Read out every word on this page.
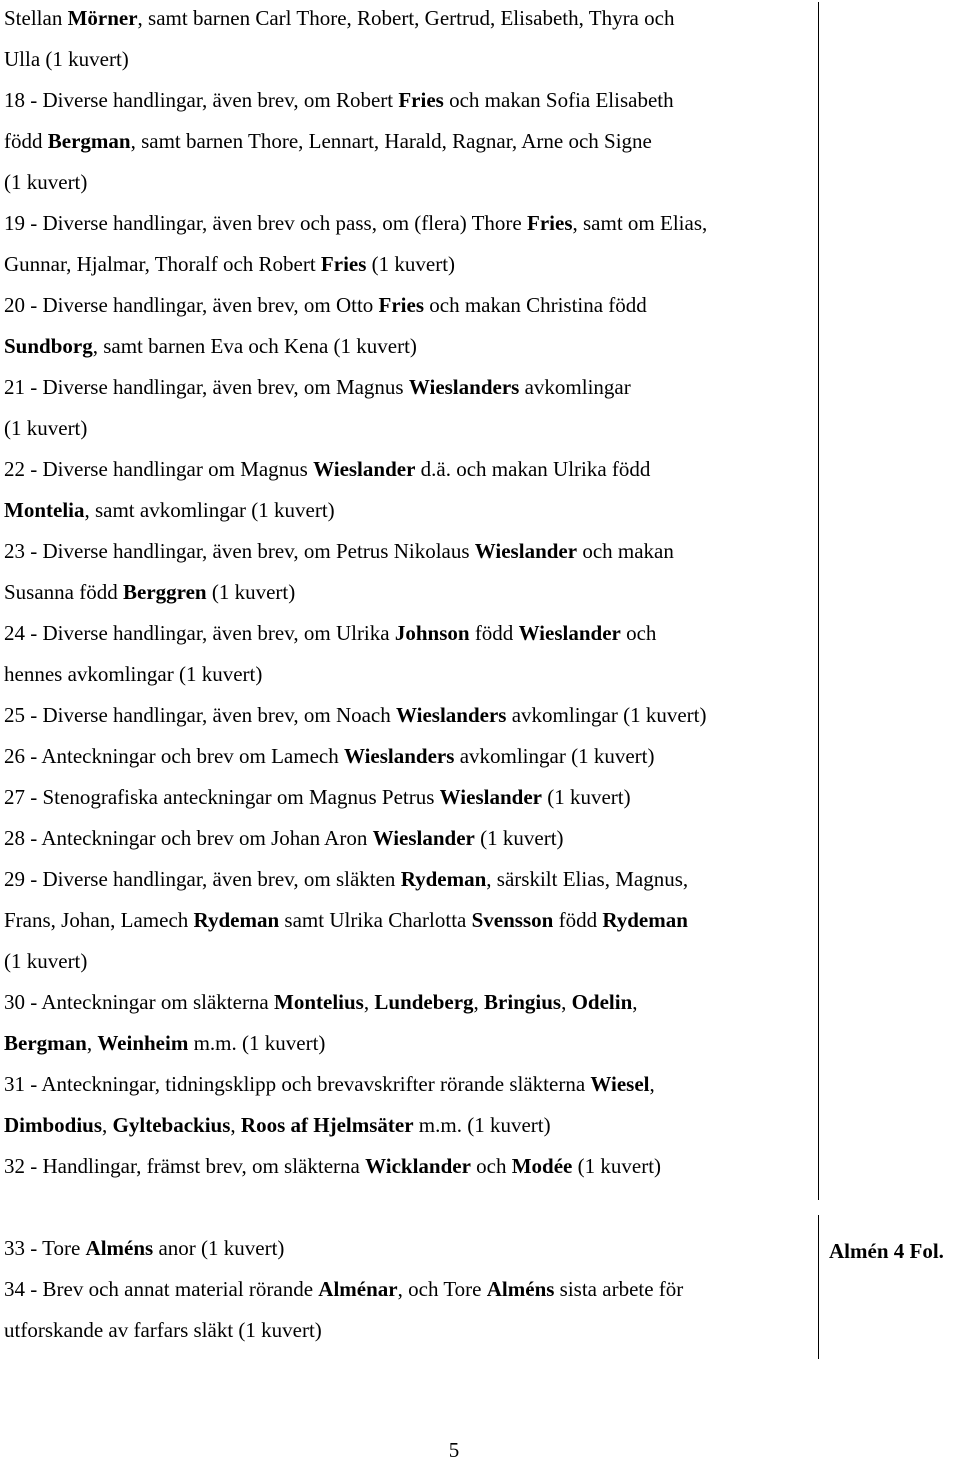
Stellan Mörner, samt barnen Carl Thore, Robert, Gertrud, Elisabeth, Thyra och
Ulla (1 kuvert)
18 - Diverse handlingar, även brev, om Robert Fries och makan Sofia Elisabeth
född Bergman, samt barnen Thore, Lennart, Harald, Ragnar, Arne och Signe
(1 kuvert)
19 - Diverse handlingar, även brev och pass, om (flera) Thore Fries, samt om Elias,
Gunnar, Hjalmar, Thoralf och Robert Fries (1 kuvert)
20 - Diverse handlingar, även brev, om Otto Fries och makan Christina född
Sundborg, samt barnen Eva och Kena (1 kuvert)
21 - Diverse handlingar, även brev, om Magnus Wieslanders avkomlingar
(1 kuvert)
22 - Diverse handlingar om Magnus Wieslander d.ä. och makan Ulrika född
Montelia, samt avkomlingar (1 kuvert)
23 - Diverse handlingar, även brev, om Petrus Nikolaus Wieslander och makan
Susanna född Berggren (1 kuvert)
24 - Diverse handlingar, även brev, om Ulrika Johnson född Wieslander och
hennes avkomlingar (1 kuvert)
25 - Diverse handlingar, även brev, om Noach Wieslanders avkomlingar (1 kuvert)
26 - Anteckningar och brev om Lamech Wieslanders avkomlingar (1 kuvert)
27 - Stenografiska anteckningar om Magnus Petrus Wieslander (1 kuvert)
28 - Anteckningar och brev om Johan Aron Wieslander (1 kuvert)
29 - Diverse handlingar, även brev, om släkten Rydeman, särskilt Elias, Magnus,
Frans, Johan, Lamech Rydeman samt Ulrika Charlotta Svensson född Rydeman
(1 kuvert)
30 - Anteckningar om släkterna Montelius, Lundeberg, Bringius, Odelin,
Bergman, Weinheim m.m. (1 kuvert)
31 - Anteckningar, tidningsklipp och brevavskrifter rörande släkterna Wiesel,
Dimbodius, Gyltebackius, Roos af Hjelmsäter m.m. (1 kuvert)
32 - Handlingar, främst brev, om släkterna Wicklander och Modée (1 kuvert)
33 - Tore Alméns anor (1 kuvert)
34 - Brev och annat material rörande Alménar, och Tore Alméns sista arbete för
utforskande av farfars släkt (1 kuvert)
Almén 4 Fol.
5
